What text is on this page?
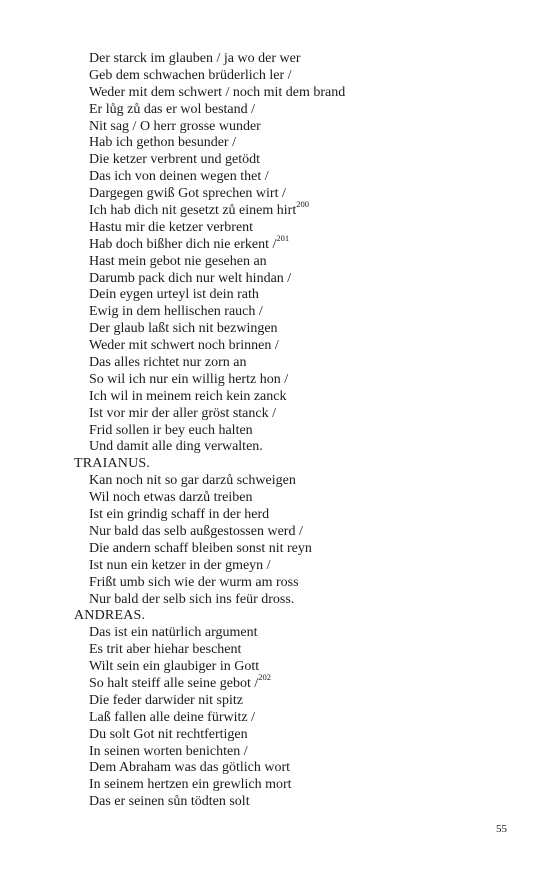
Der starck im glauben / ja wo der wer
Geb dem schwachen brüderlich ler /
Weder mit dem schwert / noch mit dem brand
Er lůg zů das er wol bestand /
Nit sag / O herr grosse wunder
Hab ich gethon besunder /
Die ketzer verbrent und getödt
Das ich von deinen wegen thet /
Dargegen gwiß Got sprechen wirt /
Ich hab dich nit gesetzt zů einem hirt$^{200}$
Hastu mir die ketzer verbrent
Hab doch bißher dich nie erkent /$^{201}$
Hast mein gebot nie gesehen an
Darumb pack dich nur welt hindan /
Dein eygen urteyl ist dein rath
Ewig in dem hellischen rauch /
Der glaub laßt sich nit bezwingen
Weder mit schwert noch brinnen /
Das alles richtet nur zorn an
So wil ich nur ein willig hertz hon /
Ich wil in meinem reich kein zanck
Ist vor mir der aller gröst stanck /
Frid sollen ir bey euch halten
Und damit alle ding verwalten.
TRAIANUS.
Kan noch nit so gar darzů schweigen
Wil noch etwas darzů treiben
Ist ein grindig schaff in der herd
Nur bald das selb außgestossen werd /
Die andern schaff bleiben sonst nit reyn
Ist nun ein ketzer in der gmeyn /
Frißt umb sich wie der wurm am ross
Nur bald der selb sich ins feür dross.
ANDREAS.
Das ist ein natürlich argument
Es trit aber hiehar beschent
Wilt sein ein glaubiger in Gott
So halt steiff alle seine gebot /$^{202}$
Die feder darwider nit spitz
Laß fallen alle deine fürwitz /
Du solt Got nit rechtfertigen
In seinen worten benichten /
Dem Abraham was das götlich wort
In seinem hertzen ein grewlich mort
Das er seinen sůn tödten solt
55
